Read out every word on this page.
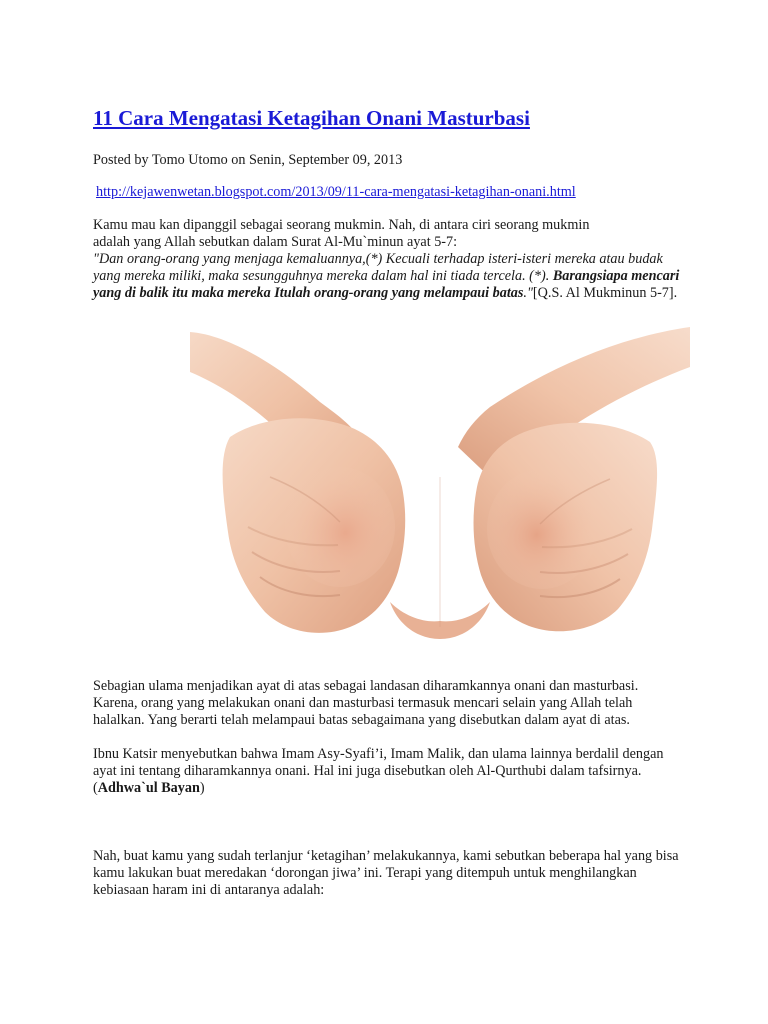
11 Cara Mengatasi Ketagihan Onani Masturbasi

Posted by Tomo Utomo on Senin, September 09, 2013

http://kejawenwetan.blogspot.com/2013/09/11-cara-mengatasi-ketagihan-onani.html

Kamu mau kan dipanggil sebagai seorang mukmin. Nah, di antara ciri seorang mukmin
adalah yang Allah sebutkan dalam Surat Al-Mu`minun ayat 5-7:
"Dan orang-orang yang menjaga kemaluannya,(*) Kecuali terhadap isteri-isteri mereka atau budak yang mereka miliki, maka sesungguhnya mereka dalam hal ini tiada tercela. (*). Barangsiapa mencari yang di balik itu maka mereka Itulah orang-orang yang melampaui batas."[Q.S. Al Mukminun 5-7].

Sebagian ulama menjadikan ayat di atas sebagai landasan diharamkannya onani dan masturbasi. Karena, orang yang melakukan onani dan masturbasi termasuk mencari selain yang Allah telah halalkan. Yang berarti telah melampaui batas sebagaimana yang disebutkan dalam ayat di atas.

Ibnu Katsir menyebutkan bahwa Imam Asy-Syafi’i, Imam Malik, dan ulama lainnya berdalil dengan ayat ini tentang diharamkannya onani. Hal ini juga disebutkan oleh Al-Qurthubi dalam tafsirnya. (Adhwa`ul Bayan)

Nah, buat kamu yang sudah terlanjur ‘ketagihan’ melakukannya, kami sebutkan beberapa hal yang bisa kamu lakukan buat meredakan ‘dorongan jiwa’ ini. Terapi yang ditempuh untuk menghilangkan kebiasaan haram ini di antaranya adalah:
